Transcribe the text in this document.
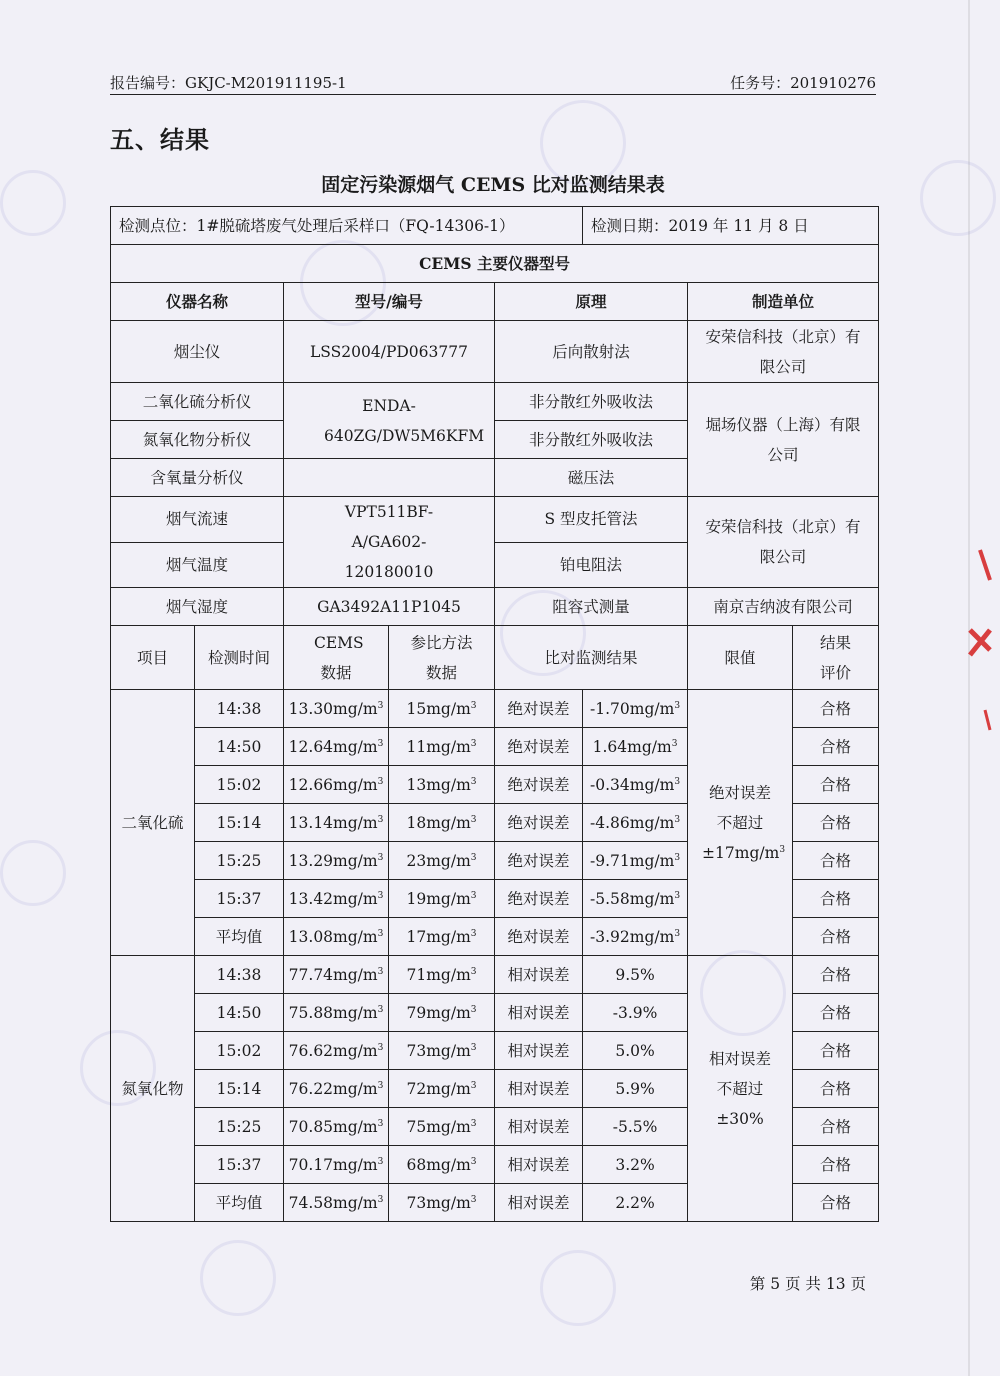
报告编号：GKJC-M201911195-1	任务号：201910276
五、结果
固定污染源烟气 CEMS 比对监测结果表
检测点位：1#脱硫塔废气处理后采样口（FQ-14306-1）					检测日期：2019 年 11 月 8 日		
CEMS 主要仪器型号							
仪器名称		型号/编号		原理		制造单位	
烟尘仪		LSS2004/PD063777		后向散射法		安荣信科技（北京）有限公司	
二氧化硫分析仪		ENDA-640ZG/DW5M6KFM		非分散红外吸收法		堀场仪器（上海）有限公司	
氮氧化物分析仪				非分散红外吸收法			
含氧量分析仪				磁压法			
烟气流速		VPT511BF-A/GA602-120180010		S 型皮托管法		安荣信科技（北京）有限公司	
烟气温度				铂电阻法			
烟气湿度		GA3492A11P1045		阻容式测量		南京吉纳波有限公司	
项目	检测时间	CEMS数据	参比方法数据	比对监测结果		限值	结果评价
二氧化硫	14:38	$13.30mg/m^3$	$15mg/m^3$	绝对误差	$-1.70mg/m^3$	绝对误差不超过$\pm 17mg/m^3$	合格
	14:50	$12.64mg/m^3$	$11mg/m^3$	绝对误差	$1.64mg/m^3$		合格
	15:02	$12.66mg/m^3$	$13mg/m^3$	绝对误差	$-0.34mg/m^3$		合格
	15:14	$13.14mg/m^3$	$18mg/m^3$	绝对误差	$-4.86mg/m^3$		合格
	15:25	$13.29mg/m^3$	$23mg/m^3$	绝对误差	$-9.71mg/m^3$		合格
	15:37	$13.42mg/m^3$	$19mg/m^3$	绝对误差	$-5.58mg/m^3$		合格
	平均值	$13.08mg/m^3$	$17mg/m^3$	绝对误差	$-3.92mg/m^3$		合格
氮氧化物	14:38	$77.74mg/m^3$	$71mg/m^3$	相对误差	9.5%	相对误差不超过±30%	合格
	14:50	$75.88mg/m^3$	$79mg/m^3$	相对误差	-3.9%		合格
	15:02	$76.62mg/m^3$	$73mg/m^3$	相对误差	5.0%		合格
	15:14	$76.22mg/m^3$	$72mg/m^3$	相对误差	5.9%		合格
	15:25	$70.85mg/m^3$	$75mg/m^3$	相对误差	-5.5%		合格
	15:37	$70.17mg/m^3$	$68mg/m^3$	相对误差	3.2%		合格
	平均值	$74.58mg/m^3$	$73mg/m^3$	相对误差	2.2%		合格
第 5 页 共 13 页
